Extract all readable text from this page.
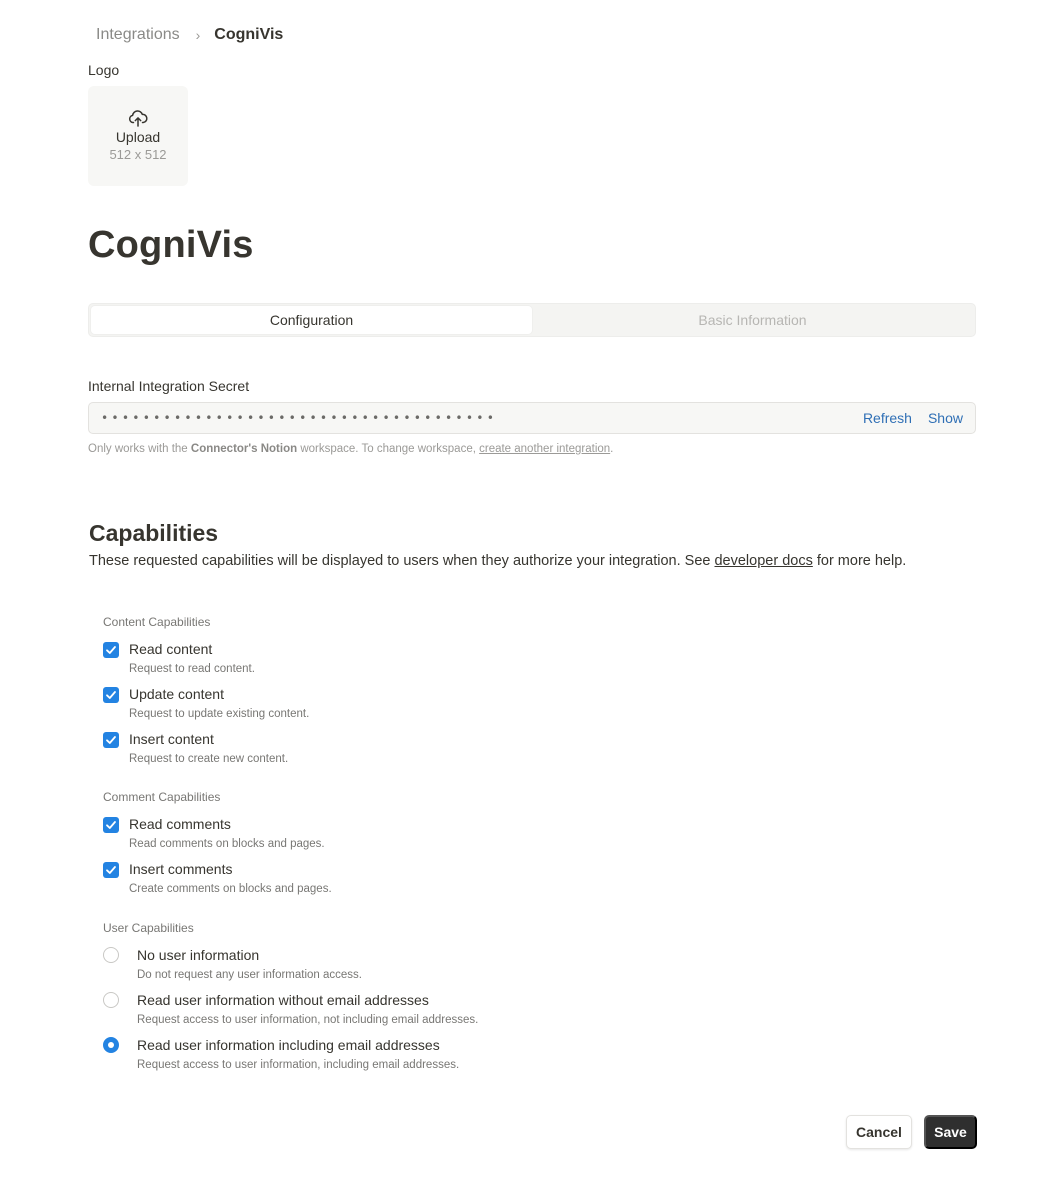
Integrations › CogniVis
Logo
Upload
512 x 512
CogniVis
Configuration	Basic Information
Internal Integration Secret
••••••••••••••••••••••••••••••••••••••	Refresh Show
Only works with the Connector's Notion workspace. To change workspace, create another integration.
Capabilities
These requested capabilities will be displayed to users when they authorize your integration. See developer docs for more help.
Content Capabilities
Read content
Request to read content.
Update content
Request to update existing content.
Insert content
Request to create new content.
Comment Capabilities
Read comments
Read comments on blocks and pages.
Insert comments
Create comments on blocks and pages.
User Capabilities
No user information
Do not request any user information access.
Read user information without email addresses
Request access to user information, not including email addresses.
Read user information including email addresses
Request access to user information, including email addresses.
Cancel	Save
